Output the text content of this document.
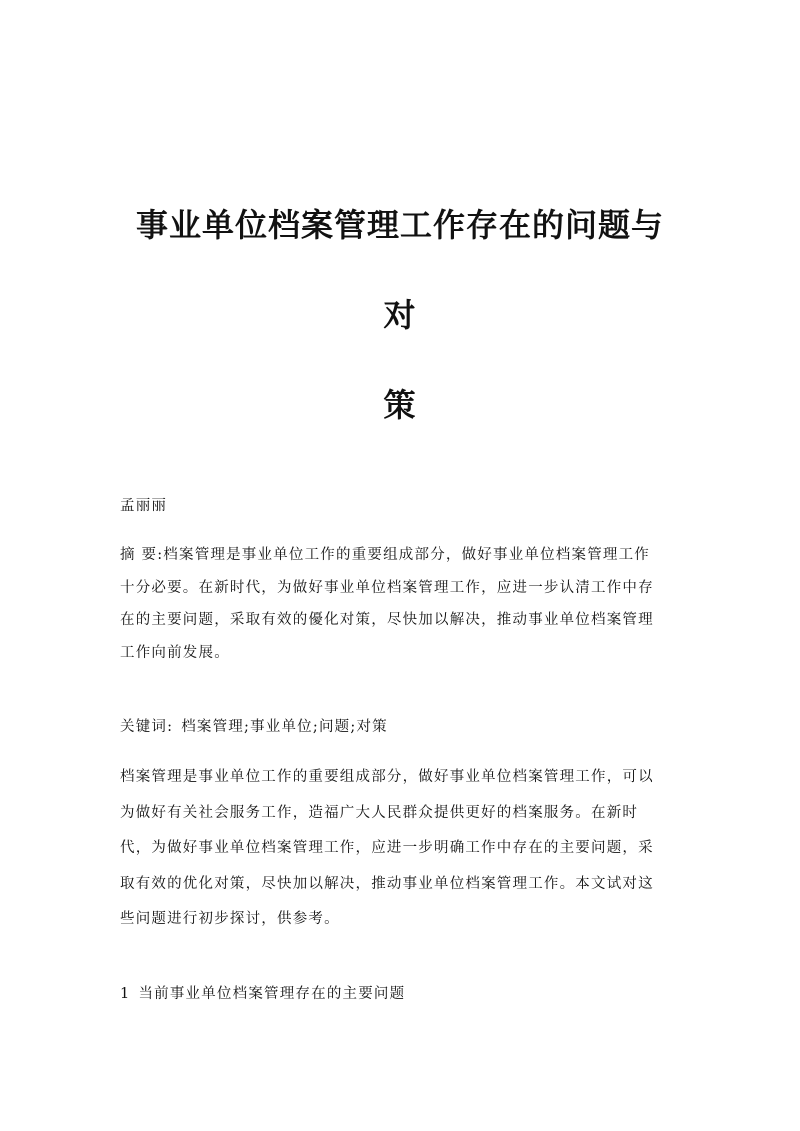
事业单位档案管理工作存在的问题与对
策

孟丽丽

摘 要:档案管理是事业单位工作的重要组成部分，做好事业单位档案管理工作
十分必要。在新时代，为做好事业单位档案管理工作，应进一步认清工作中存
在的主要问题，采取有效的優化对策，尽快加以解决，推动事业单位档案管理
工作向前发展。

关键词: 档案管理;事业单位;问题;对策

档案管理是事业单位工作的重要组成部分，做好事业单位档案管理工作，可以
为做好有关社会服务工作，造福广大人民群众提供更好的档案服务。在新时
代，为做好事业单位档案管理工作，应进一步明确工作中存在的主要问题，采
取有效的优化对策，尽快加以解决，推动事业单位档案管理工作。本文试对这
些问题进行初步探讨，供参考。

1 当前事业单位档案管理存在的主要问题
